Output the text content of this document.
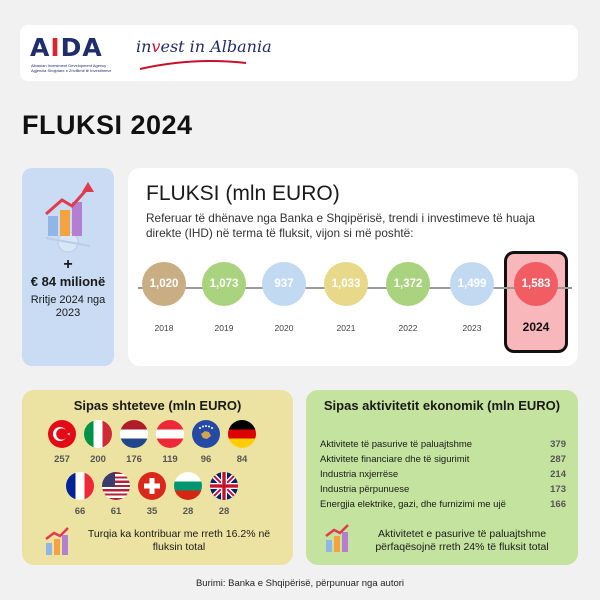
AIDA
Albanian Investment Development Agency · Agjencia Shqiptare e Zhvillimit të Investimeve
invest in Albania
FLUKSI 2024
+
€ 84 milionë
Rritje 2024 nga 2023
FLUKSI (mln EURO)
Referuar të dhënave nga Banka e Shqipërisë, trendi i investimeve të huaja direkte (IHD) në terma të fluksit, vijon si më poshtë:
1,020	1,073	937	1,033	1,372	1,499	1,583
2018	2019	2020	2021	2022	2023	2024
Sipas shteteve (mln EURO)
257	200	176	119	96	84
66	61	35	28	28
Turqia ka kontribuar me rreth 16.2% në fluksin total
Sipas aktivitetit ekonomik (mln EURO)
Aktivitete të pasurive të paluajtshme	379
Aktivitete financiare dhe të sigurimit	287
Industria nxjerrëse	214
Industria përpunuese	173
Energjia elektrike, gazi, dhe furnizimi me ujë	166
Aktivitetet e pasurive të paluajtshme përfaqësojnë rreth 24% të fluksit total
Burimi: Banka e Shqipërisë, përpunuar nga autori
